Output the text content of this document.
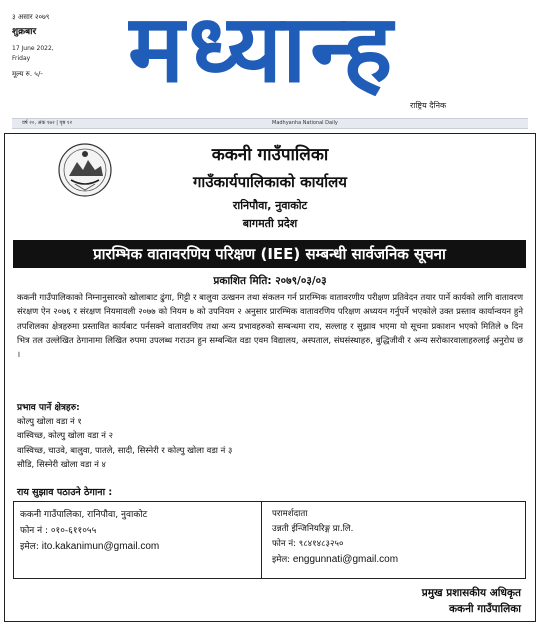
३ असार २०७९
शुक्रबार
17 June 2022,
Friday
मूल्य रु. ५/- मध्यान्ह
राष्ट्रिय दैनिक
वर्ष २०, अंक १७२ | पृष्ठ १२	Madhyanha National Daily
ककनी गाउँपालिका
गाउँकार्यपालिकाको कार्यालय
रानिपौवा, नुवाकोट
बागमती प्रदेश
प्रारम्भिक वातावरणिय परिक्षण (IEE) सम्बन्धी सार्वजनिक सूचना
प्रकाशित मिति: २०७९/०३/०३
ककनी गाउँपालिकाको निम्नानुसारको खोलाबाट ढुंगा, गिट्टी र बालुवा उत्खनन तथा संकलन गर्न प्रारम्भिक वातावरणीय परीक्षण प्रतिवेदन तयार पार्ने कार्यको लागि वातावरण संरक्षण ऐन २०७६ र संरक्षण नियमावली २०७७ को नियम ७ को उपनियम २ अनुसार प्रारम्भिक वातावरणिय परिक्षण अध्ययन गर्नुपर्ने भएकोले उक्त प्रस्ताव कार्यान्वयन हुने तपशिलका क्षेत्रहरुमा प्रस्तावित कार्यबाट पर्नसक्ने वातावरणिय तथा अन्य प्रभावहरुको सम्बन्धमा राय, सल्लाह र सुझाव भएमा यो सूचना प्रकाशन भएको मितिले ७ दिन भित्र तल उल्लेखित ठेगानामा लिखित रुपमा उपलब्ध गराउन हुन सम्बन्धित वडा एवम विद्यालय, अस्पताल, संघसंस्थाहरु, बुद्धिजीवी र अन्य सरोकारवालाहरुलाई अनुरोध छ ।
प्रभाव पार्ने क्षेत्रहरु:
कोल्पु खोला वडा नं १
वास्विच्छ, कोल्पु खोला वडा नं २
वास्विच्छ, चाउवे, बालुवा, पातले, सादी, सिस्नेरी र कोल्पु खोला वडा नं ३
सौडि, सिस्नेरी खोला वडा नं ४
राय सुझाव पठाउने ठेगाना :
ककनी गाउँपालिका, रानिपौवा, नुवाकोट
फोन नं : ०१०-६११०५५
इमेल: ito.kakanimun@gmail.com
परामर्शदाता
उन्नती ईन्जिनियरिङ्ग प्रा.लि.
फोन नं: ९८४१४८३२५०
इमेल: enggunnati@gmail.com
प्रमुख प्रशासकीय अधिकृत
ककनी गाउँपालिका
